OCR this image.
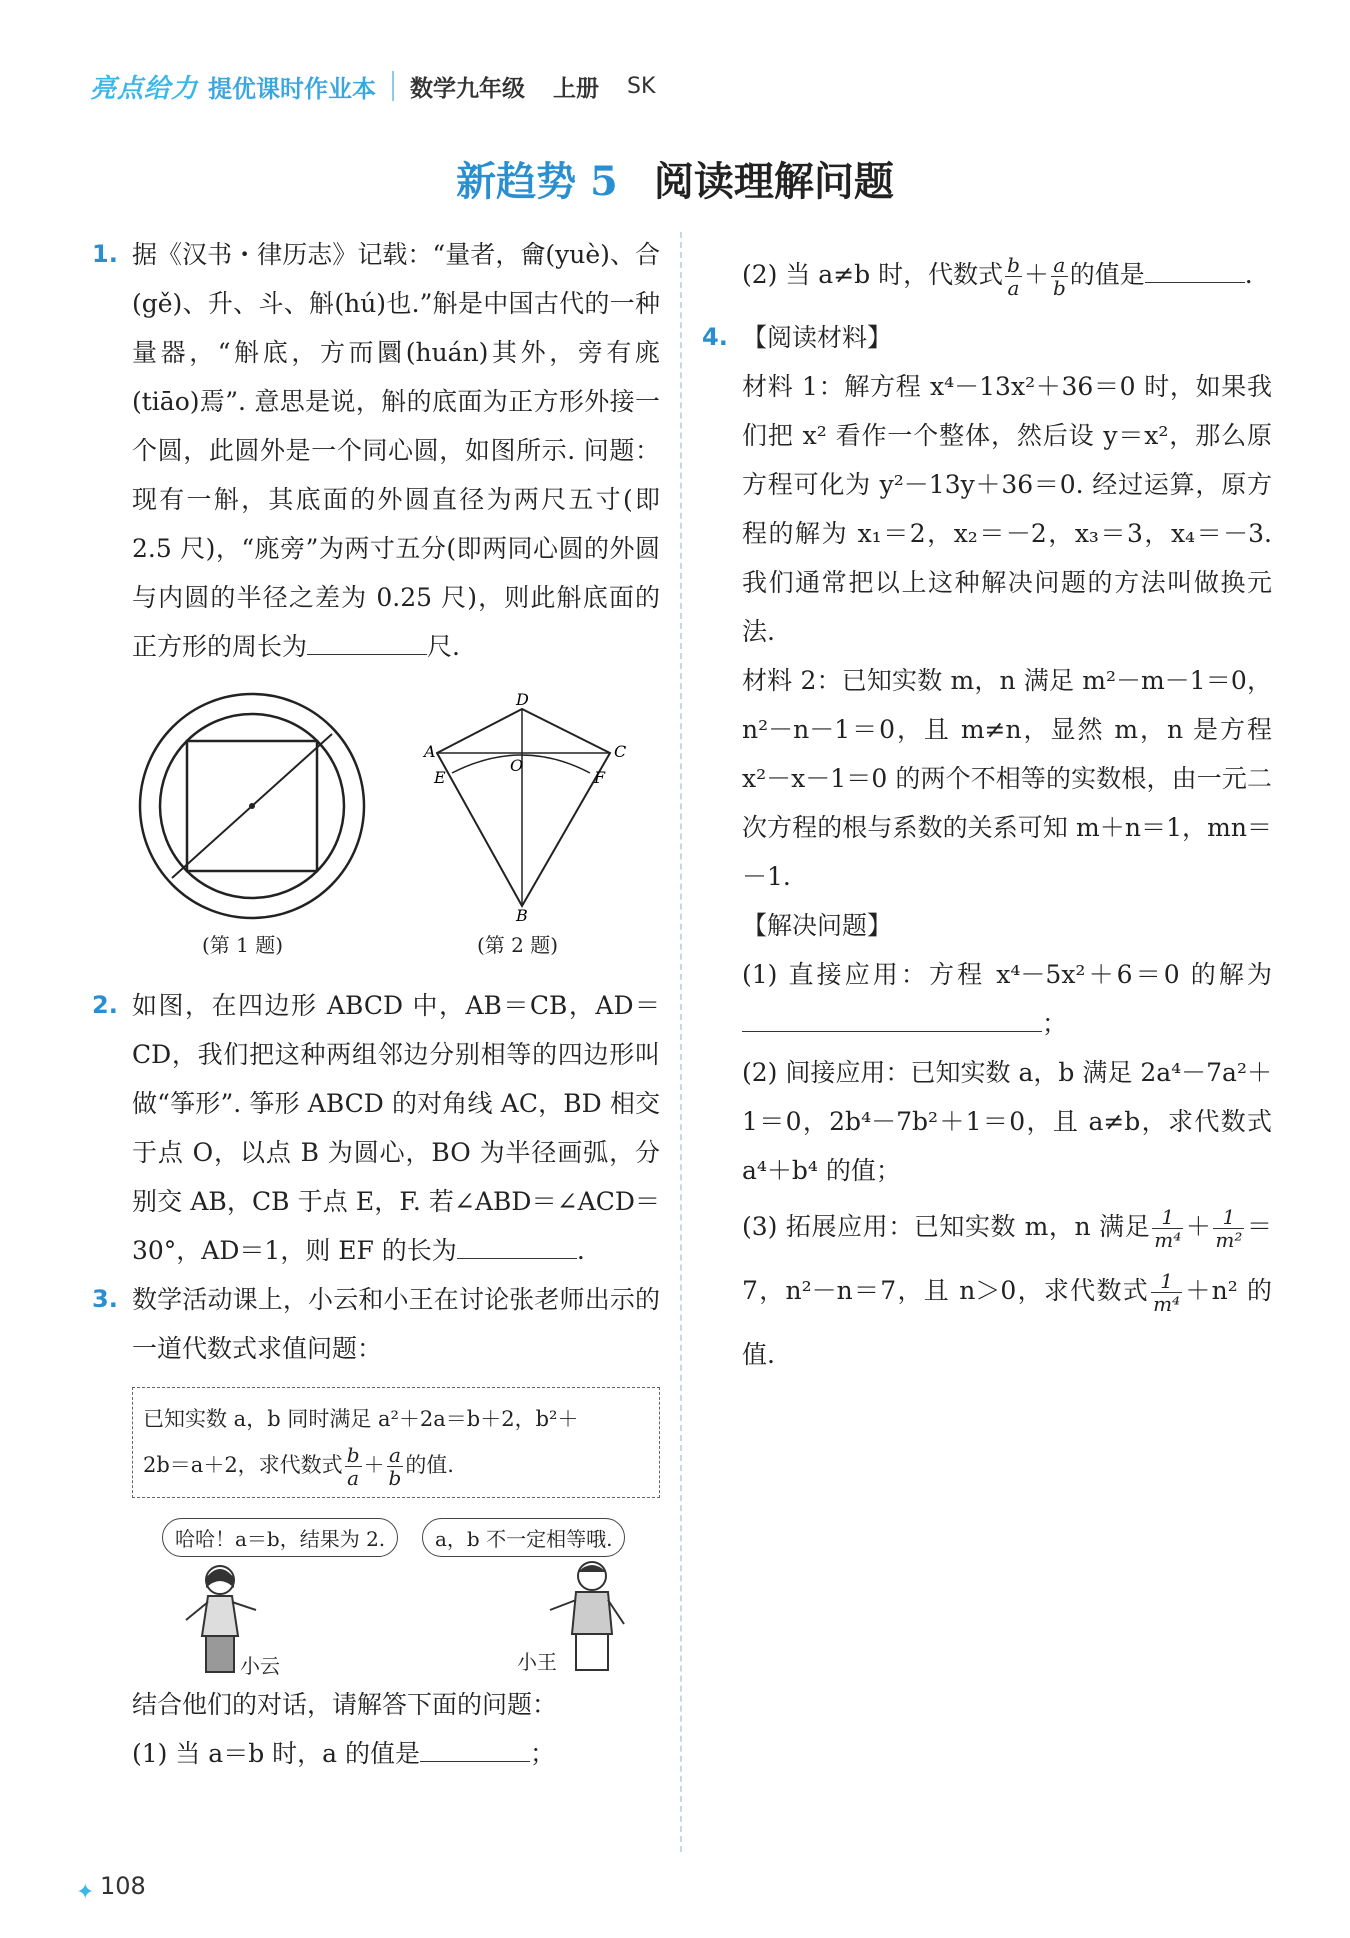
亮点给力 提优课时作业本 数学九年级 上册 SK
新趋势 5 阅读理解问题
1. 据《汉书・律历志》记载：“量者，龠(yuè)、合(gě)、升、斗、斛(hú)也.”斛是中国古代的一种量器，“斛底，方而圜(huán)其外，旁有庣(tiāo)焉”. 意思是说，斛的底面为正方形外接一个圆，此圆外是一个同心圆，如图所示. 问题：现有一斛，其底面的外圆直径为两尺五寸(即 2.5 尺)，“庣旁”为两寸五分(即两同心圆的外圆与内圆的半径之差为 0.25 尺)，则此斛底面的正方形的周长为	尺.
D
A	C
O
E	F
B
(第 1 题)	(第 2 题)
2. 如图，在四边形 ABCD 中，AB＝CB，AD＝CD，我们把这种两组邻边分别相等的四边形叫做“筝形”. 筝形 ABCD 的对角线 AC，BD 相交于点 O，以点 B 为圆心，BO 为半径画弧，分别交 AB，CB 于点 E，F. 若∠ABD＝∠ACD＝30°，AD＝1，则 EF 的长为	.
3. 数学活动课上，小云和小王在讨论张老师出示的一道代数式求值问题：
已知实数 a，b 同时满足 a²＋2a＝b＋2，b²＋
2b＝a＋2，求代数式 $\frac{b}{a} + \frac{a}{b}$ 的值.
哈哈！a＝b，结果为 2.	a，b 不一定相等哦.
小云	小王
结合他们的对话，请解答下面的问题：
(1) 当 a＝b 时，a 的值是	；
(2) 当 a≠b 时，代数式 $\frac{b}{a} + \frac{a}{b}$ 的值是	.
4. 【阅读材料】
材料 1：解方程 x⁴－13x²＋36＝0 时，如果我们把 x² 看作一个整体，然后设 y＝x²，那么原方程可化为 y²－13y＋36＝0. 经过运算，原方程的解为 x₁＝2，x₂＝－2，x₃＝3，x₄＝－3. 我们通常把以上这种解决问题的方法叫做换元法.
材料 2：已知实数 m，n 满足 m²－m－1＝0，n²－n－1＝0，且 m≠n，显然 m，n 是方程 x²－x－1＝0 的两个不相等的实数根，由一元二次方程的根与系数的关系可知 m＋n＝1，mn＝－1.
【解决问题】
(1) 直接应用：方程 x⁴－5x²＋6＝0 的解为；
(2) 间接应用：已知实数 a，b 满足 2a⁴－7a²＋1＝0，2b⁴－7b²＋1＝0，且 a≠b，求代数式 a⁴＋b⁴ 的值；
(3) 拓展应用：已知实数 m，n 满足 $\frac{1}{\text{m⁴}} + \frac{1}{\text{m²}} =7$，n²－n＝7，且 n＞0，求代数式 $\frac{1}{\text{m⁴}} +n^2$ 的值.
✦ 108
